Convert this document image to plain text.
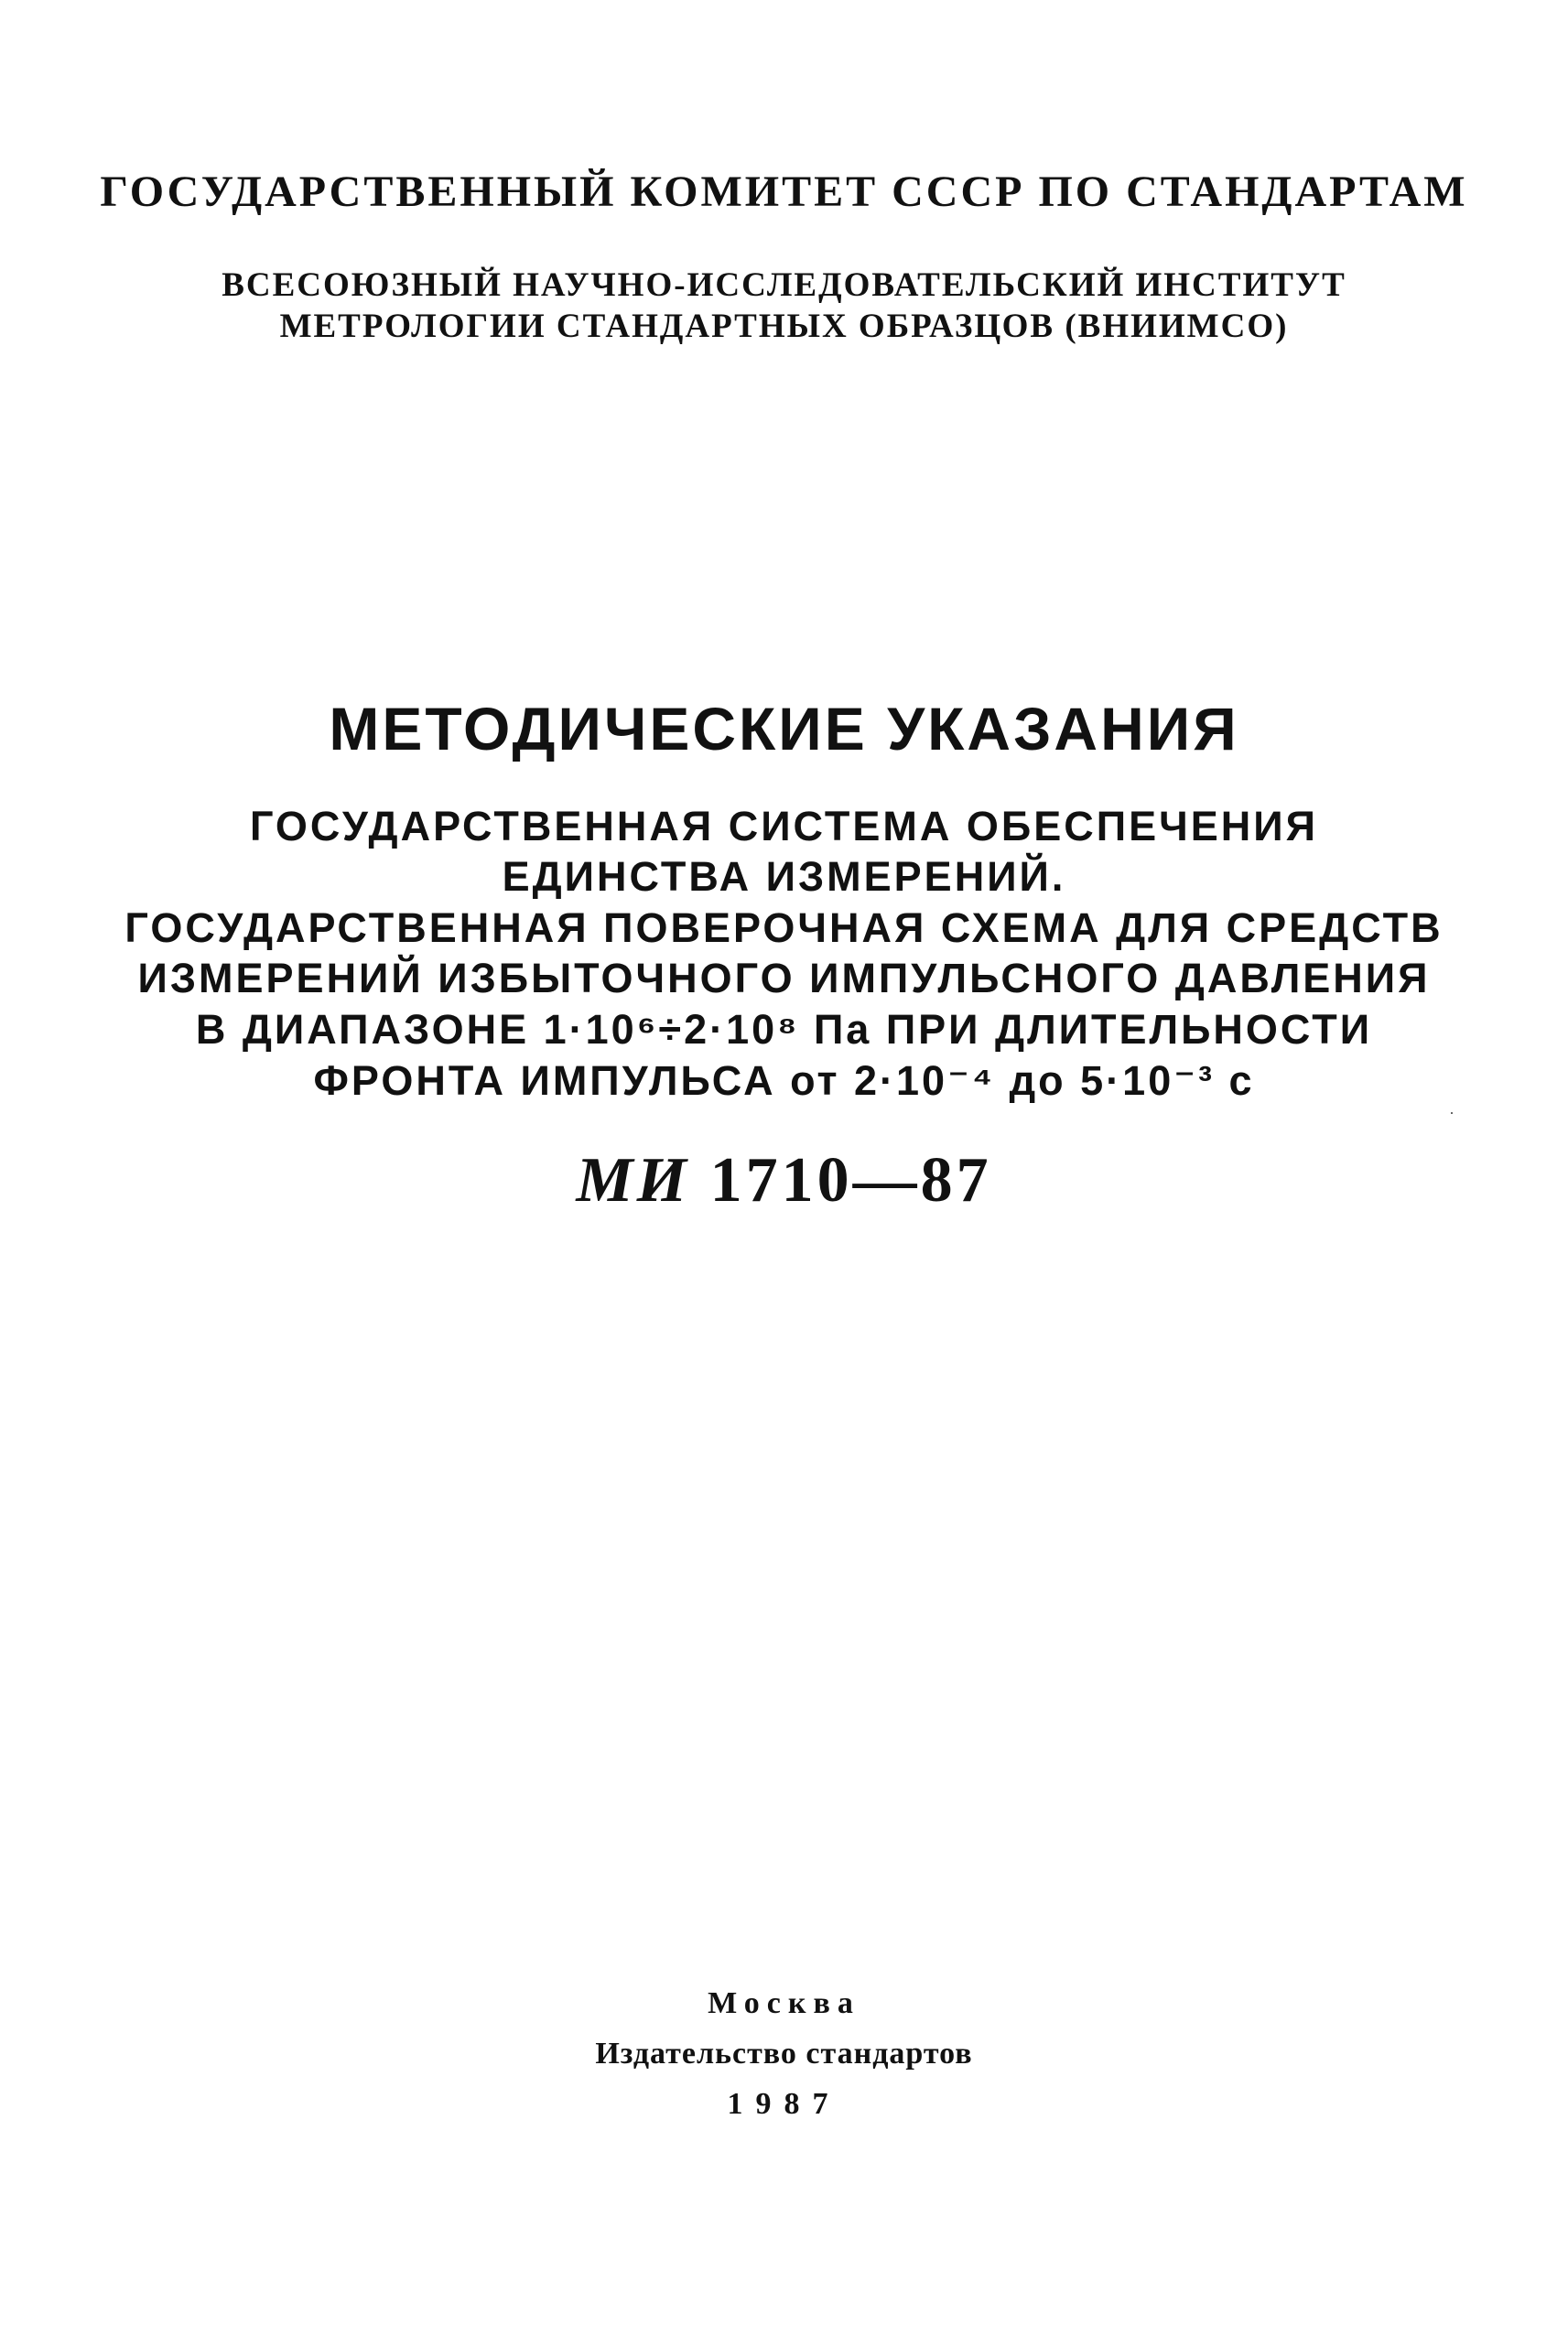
ГОСУДАРСТВЕННЫЙ КОМИТЕТ СССР ПО СТАНДАРТАМ
ВСЕСОЮЗНЫЙ НАУЧНО-ИССЛЕДОВАТЕЛЬСКИЙ ИНСТИТУТ
МЕТРОЛОГИИ СТАНДАРТНЫХ ОБРАЗЦОВ (ВНИИМСО)
МЕТОДИЧЕСКИЕ УКАЗАНИЯ
ГОСУДАРСТВЕННАЯ СИСТЕМА ОБЕСПЕЧЕНИЯ
ЕДИНСТВА ИЗМЕРЕНИЙ.
ГОСУДАРСТВЕННАЯ ПОВЕРОЧНАЯ СХЕМА ДЛЯ СРЕДСТВ
ИЗМЕРЕНИЙ ИЗБЫТОЧНОГО ИМПУЛЬСНОГО ДАВЛЕНИЯ
В ДИАПАЗОНЕ 1·10⁶÷2·10⁸ Па ПРИ ДЛИТЕЛЬНОСТИ
ФРОНТА ИМПУЛЬСА от 2·10⁻⁴ до 5·10⁻³ с
МИ 1710—87
Москва
Издательство стандартов
1987
